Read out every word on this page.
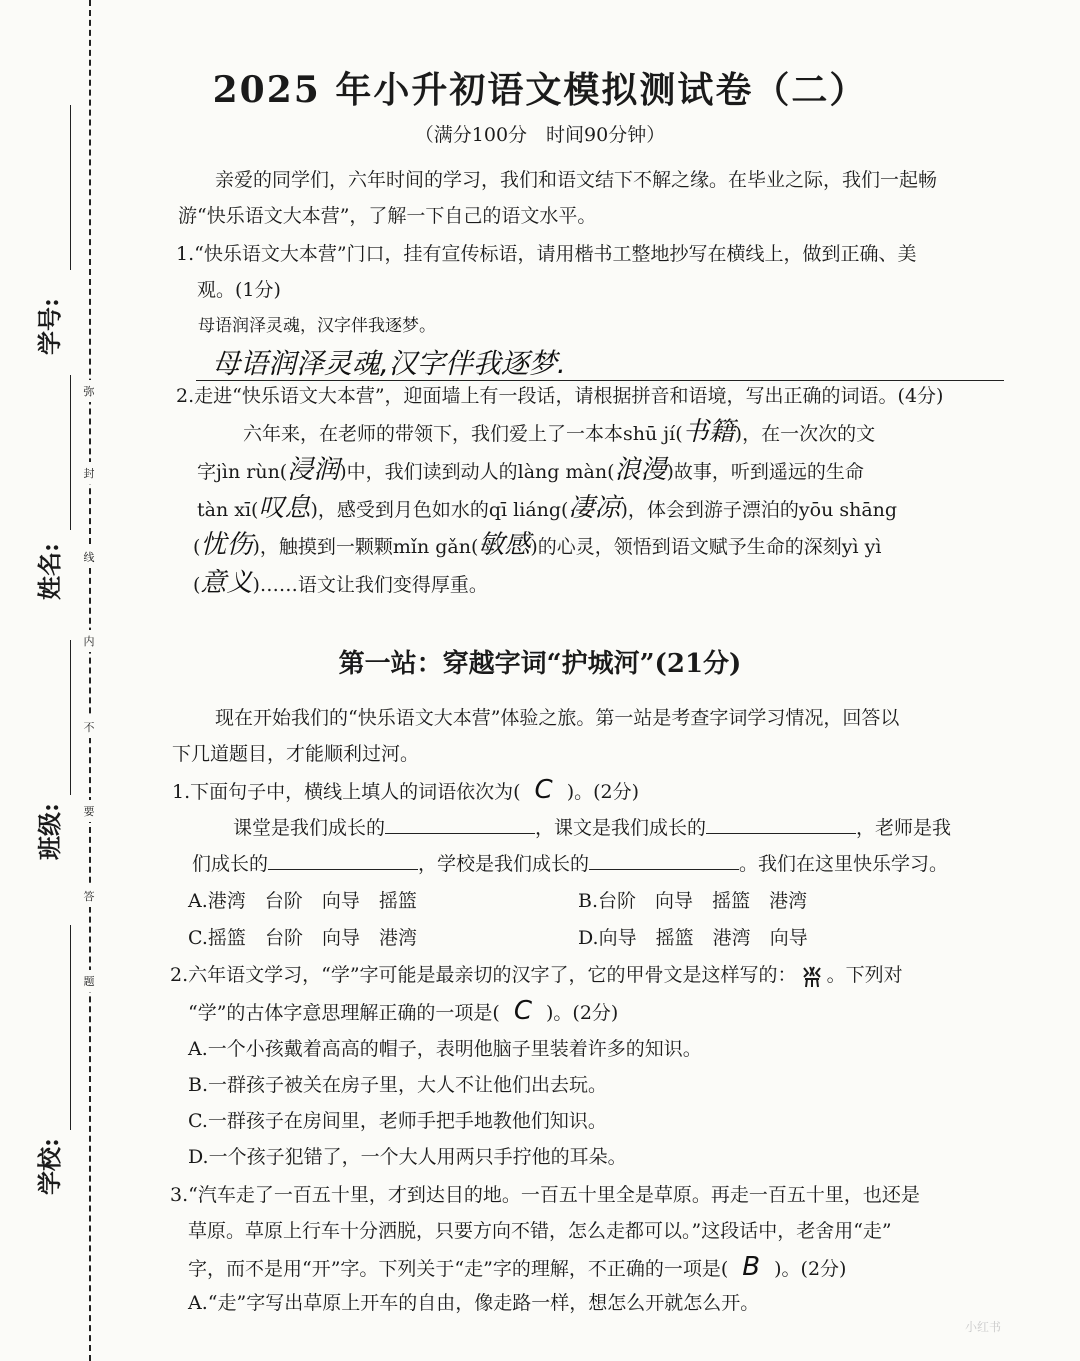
弥
封
线
内
不
要
答
题
学号:
姓名:
班级:
学校:
2025 年小升初语文模拟测试卷（二）
（满分100分　时间90分钟）
亲爱的同学们，六年时间的学习，我们和语文结下不解之缘。在毕业之际，我们一起畅
游“快乐语文大本营”，了解一下自己的语文水平。
1.“快乐语文大本营”门口，挂有宣传标语，请用楷书工整地抄写在横线上，做到正确、美
观。(1分)
母语润泽灵魂，汉字伴我逐梦。
母语润泽灵魂,汉字伴我逐梦.
2.走进“快乐语文大本营”，迎面墙上有一段话，请根据拼音和语境，写出正确的词语。(4分)
六年来，在老师的带领下，我们爱上了一本本shū jí(书籍)，在一次次的文
字jìn rùn(浸润)中，我们读到动人的làng màn(浪漫)故事，听到遥远的生命
tàn xī(叹息)，感受到月色如水的qī liáng(凄凉)，体会到游子漂泊的yōu shāng
(忧伤)，触摸到一颗颗mǐn gǎn(敏感)的心灵，领悟到语文赋予生命的深刻yì yì
(意义)……语文让我们变得厚重。
第一站：穿越字词“护城河”(21分)
现在开始我们的“快乐语文大本营”体验之旅。第一站是考查字词学习情况，回答以
下几道题目，才能顺利过河。
1.下面句子中，横线上填人的词语依次为( C )。(2分)
课堂是我们成长的	，课文是我们成长的	，老师是我
们成长的	，学校是我们成长的	。我们在这里快乐学习。
A.港湾　 台阶　 向导　 摇篮	B.台阶　 向导　 摇篮　 港湾
C.摇篮　 台阶　 向导　 港湾	D.向导　 摇篮　 港湾　 向导
2.六年语文学习，“学”字可能是最亲切的汉字了，它的甲骨文是这样写的： 。下列对
“学”的古体字意思理解正确的一项是( C )。(2分)
A.一个小孩戴着高高的帽子，表明他脑子里装着许多的知识。
B.一群孩子被关在房子里，大人不让他们出去玩。
C.一群孩子在房间里，老师手把手地教他们知识。
D.一个孩子犯错了，一个大人用两只手拧他的耳朵。
3.“汽车走了一百五十里，才到达目的地。一百五十里全是草原。再走一百五十里，也还是
草原。草原上行车十分洒脱，只要方向不错，怎么走都可以。”这段话中，老舍用“走”
字，而不是用“开”字。下列关于“走”字的理解，不正确的一项是( B )。(2分)
A.“走”字写出草原上开车的自由，像走路一样，想怎么开就怎么开。
小红书
